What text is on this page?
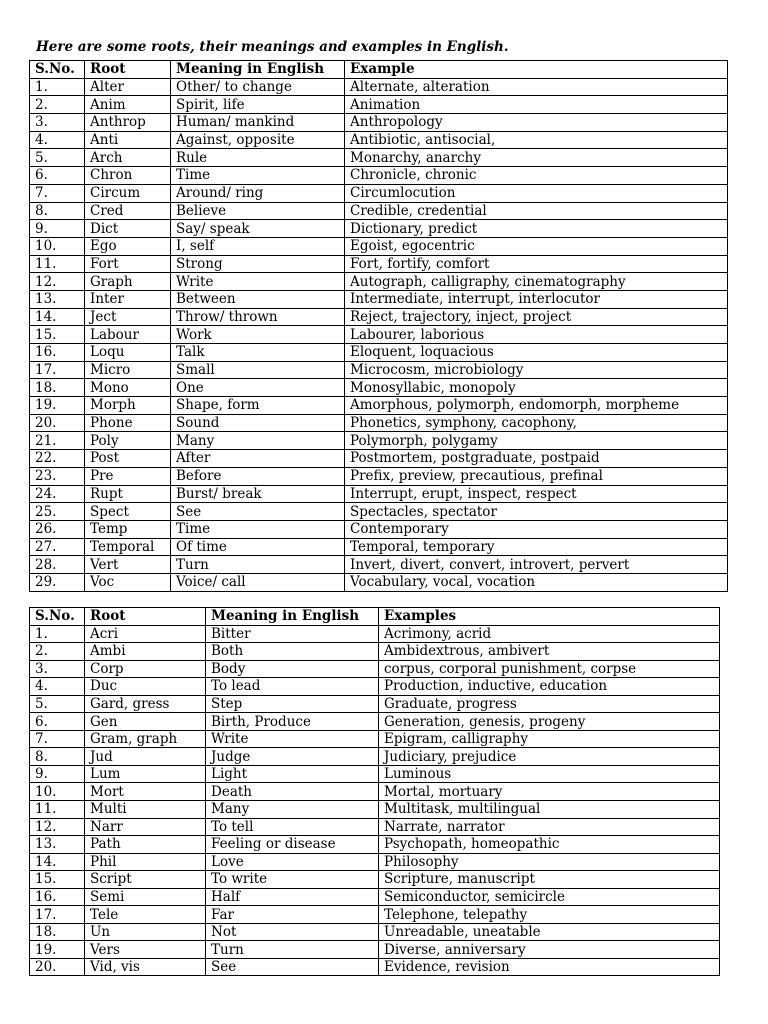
Here are some roots, their meanings and examples in English.
S.No.	Root	Meaning in English	Example
1.	Alter	Other/ to change	Alternate, alteration
2.	Anim	Spirit, life	Animation
3.	Anthrop	Human/ mankind	Anthropology
4.	Anti	Against, opposite	Antibiotic, antisocial,
5.	Arch	Rule	Monarchy, anarchy
6.	Chron	Time	Chronicle, chronic
7.	Circum	Around/ ring	Circumlocution
8.	Cred	Believe	Credible, credential
9.	Dict	Say/ speak	Dictionary, predict
10.	Ego	I, self	Egoist, egocentric
11.	Fort	Strong	Fort, fortify, comfort
12.	Graph	Write	Autograph, calligraphy, cinematography
13.	Inter	Between	Intermediate, interrupt, interlocutor
14.	Ject	Throw/ thrown	Reject, trajectory, inject, project
15.	Labour	Work	Labourer, laborious
16.	Loqu	Talk	Eloquent, loquacious
17.	Micro	Small	Microcosm, microbiology
18.	Mono	One	Monosyllabic, monopoly
19.	Morph	Shape, form	Amorphous, polymorph, endomorph, morpheme
20.	Phone	Sound	Phonetics, symphony, cacophony,
21.	Poly	Many	Polymorph, polygamy
22.	Post	After	Postmortem, postgraduate, postpaid
23.	Pre	Before	Prefix, preview, precautious, prefinal
24.	Rupt	Burst/ break	Interrupt, erupt, inspect, respect
25.	Spect	See	Spectacles, spectator
26.	Temp	Time	Contemporary
27.	Temporal	Of time	Temporal, temporary
28.	Vert	Turn	Invert, divert, convert, introvert, pervert
29.	Voc	Voice/ call	Vocabulary, vocal, vocation
S.No.	Root	Meaning in English	Examples
1.	Acri	Bitter	Acrimony, acrid
2.	Ambi	Both	Ambidextrous, ambivert
3.	Corp	Body	corpus, corporal punishment, corpse
4.	Duc	To lead	Production, inductive, education
5.	Gard, gress	Step	Graduate, progress
6.	Gen	Birth, Produce	Generation, genesis, progeny
7.	Gram, graph	Write	Epigram, calligraphy
8.	Jud	Judge	Judiciary, prejudice
9.	Lum	Light	Luminous
10.	Mort	Death	Mortal, mortuary
11.	Multi	Many	Multitask, multilingual
12.	Narr	To tell	Narrate, narrator
13.	Path	Feeling or disease	Psychopath, homeopathic
14.	Phil	Love	Philosophy
15.	Script	To write	Scripture, manuscript
16.	Semi	Half	Semiconductor, semicircle
17.	Tele	Far	Telephone, telepathy
18.	Un	Not	Unreadable, uneatable
19.	Vers	Turn	Diverse, anniversary
20.	Vid, vis	See	Evidence, revision
